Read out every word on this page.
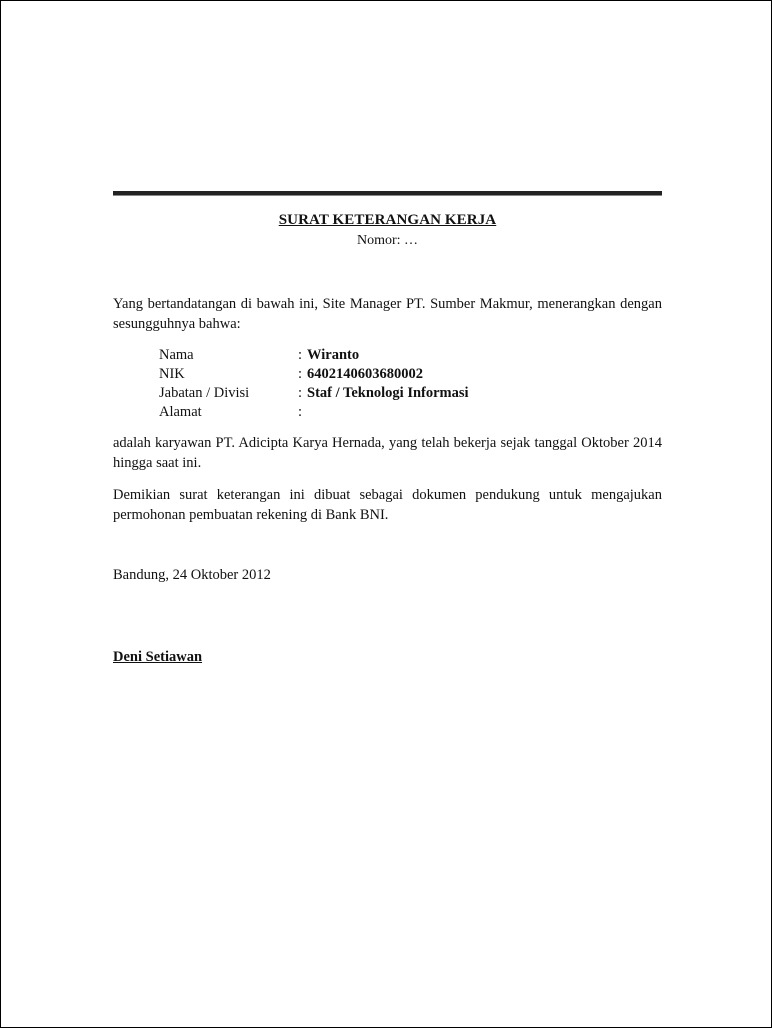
SURAT KETERANGAN KERJA
Nomor: …
Yang bertandatangan di bawah ini, Site Manager PT. Sumber Makmur, menerangkan dengan sesungguhnya bahwa:
Nama	: Wiranto
NIK	: 6402140603680002
Jabatan / Divisi	: Staf / Teknologi Informasi
Alamat	:
adalah karyawan PT. Adicipta Karya Hernada, yang telah bekerja sejak tanggal Oktober 2014 hingga saat ini.
Demikian surat keterangan ini dibuat sebagai dokumen pendukung untuk mengajukan permohonan pembuatan rekening di Bank BNI.
Bandung, 24 Oktober 2012
Deni Setiawan
